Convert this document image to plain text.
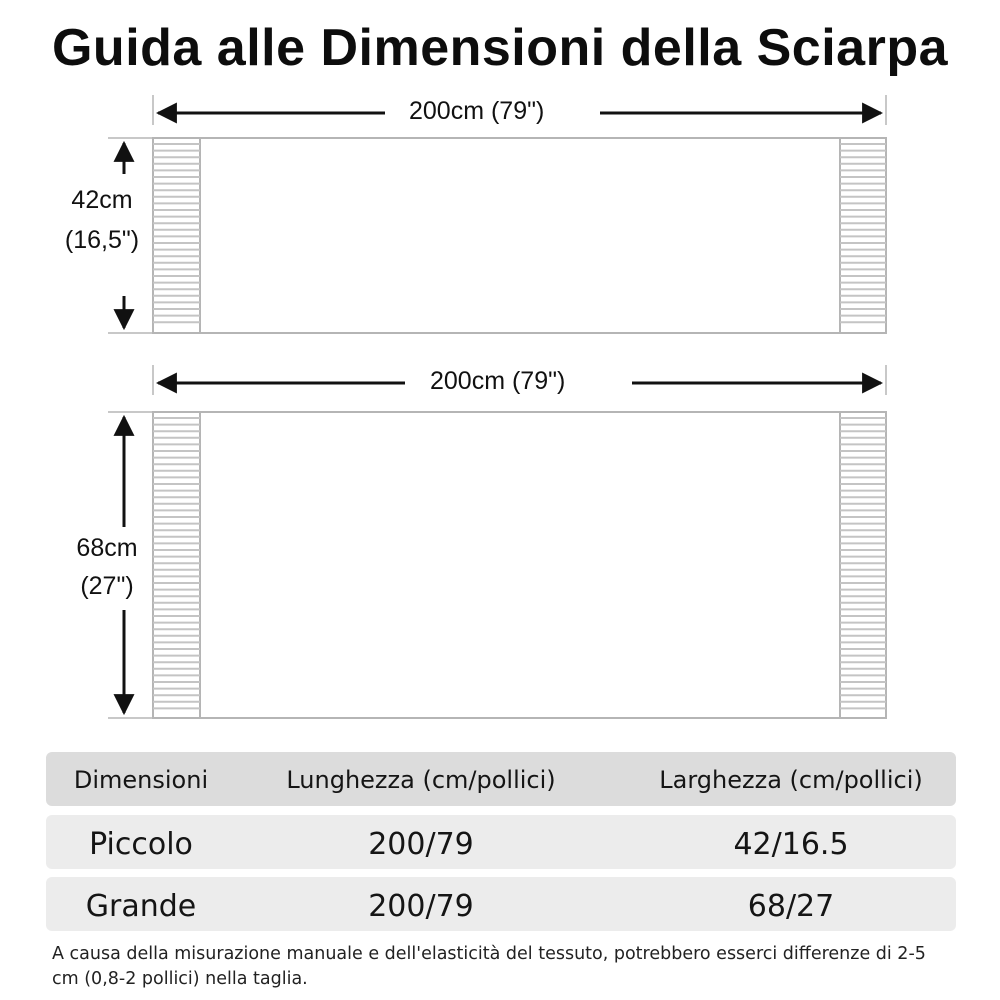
Guida alle Dimensioni della Sciarpa
200cm (79")
42cm
(16,5")
200cm (79")
68cm
(27")
Dimensioni	Lunghezza (cm/pollici)	Larghezza (cm/pollici)
Piccolo	200/79	42/16.5
Grande	200/79	68/27
A causa della misurazione manuale e dell'elasticità del tessuto, potrebbero esserci differenze di 2-5 cm (0,8-2 pollici) nella taglia.
